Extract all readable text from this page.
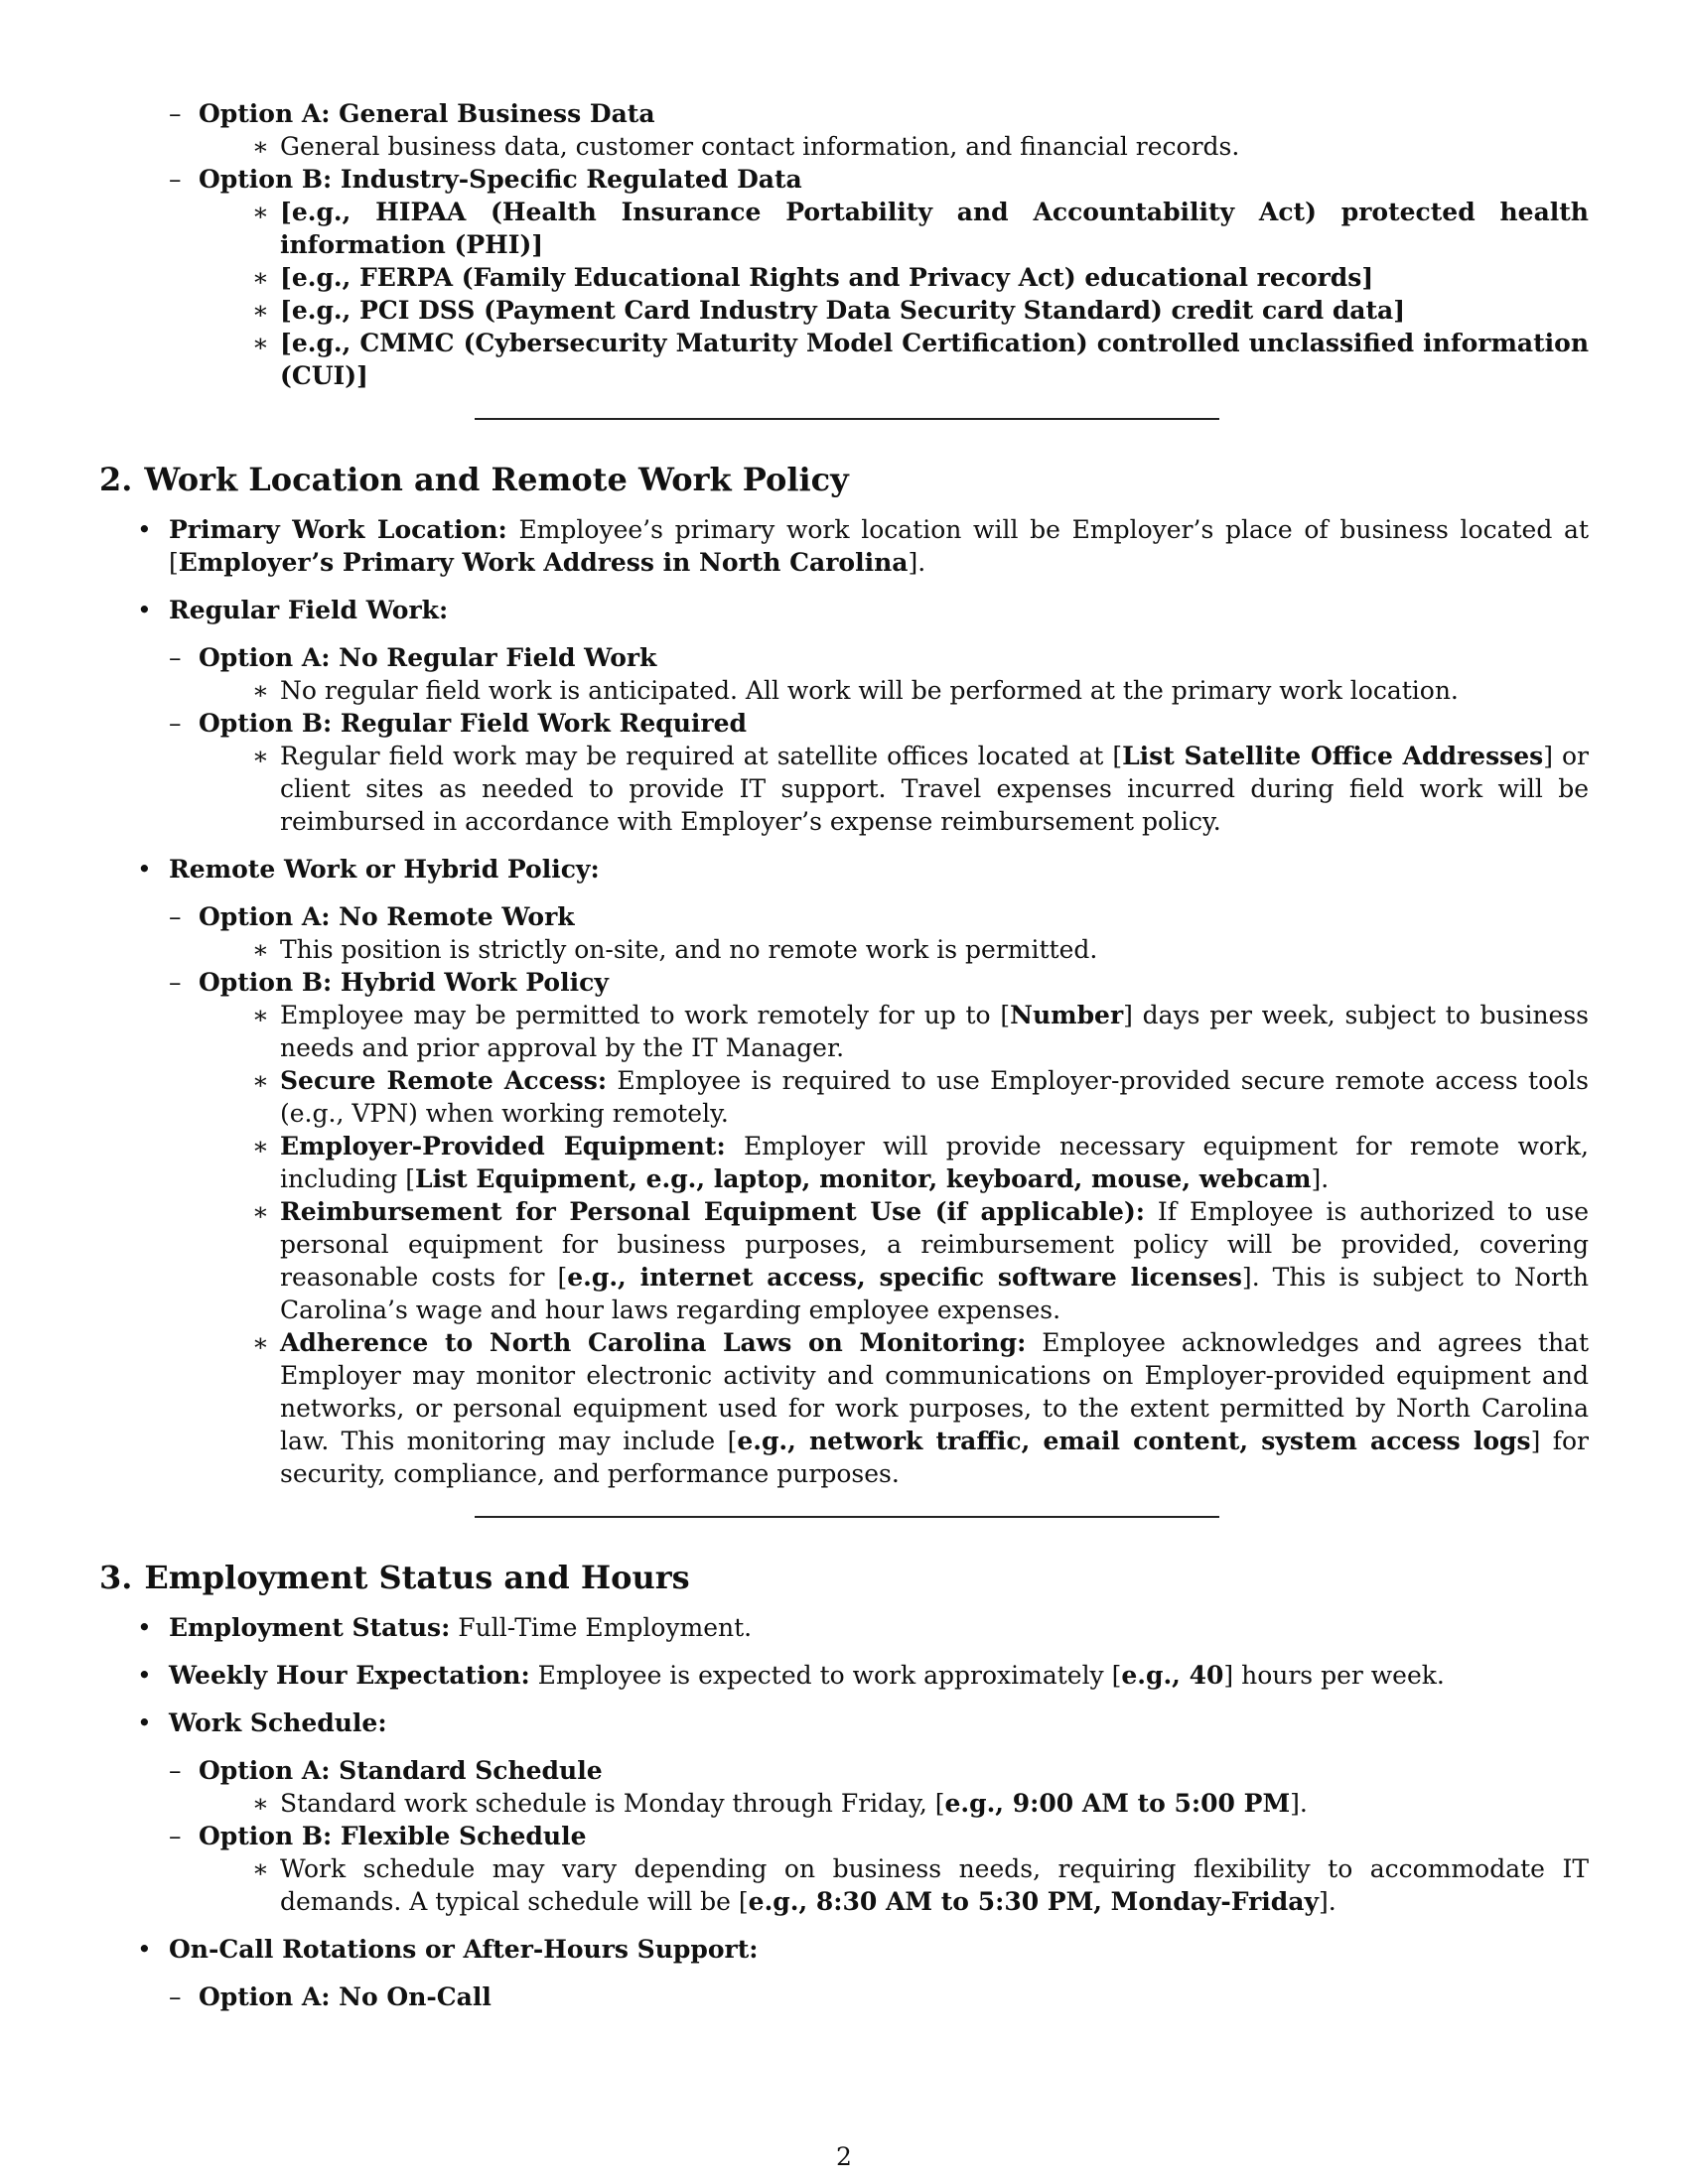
– Option A: General Business Data
∗ General business data, customer contact information, and financial records.
– Option B: Industry-Specific Regulated Data
∗ [e.g., HIPAA (Health Insurance Portability and Accountability Act) protected health information (PHI)]
∗ [e.g., FERPA (Family Educational Rights and Privacy Act) educational records]
∗ [e.g., PCI DSS (Payment Card Industry Data Security Standard) credit card data]
∗ [e.g., CMMC (Cybersecurity Maturity Model Certification) controlled unclassified information (CUI)]
2. Work Location and Remote Work Policy
• Primary Work Location: Employee’s primary work location will be Employer’s place of business located at [Employer’s Primary Work Address in North Carolina].
• Regular Field Work:
– Option A: No Regular Field Work
∗ No regular field work is anticipated. All work will be performed at the primary work location.
– Option B: Regular Field Work Required
∗ Regular field work may be required at satellite offices located at [List Satellite Office Addresses] or client sites as needed to provide IT support. Travel expenses incurred during field work will be reimbursed in accordance with Employer’s expense reimbursement policy.
• Remote Work or Hybrid Policy:
– Option A: No Remote Work
∗ This position is strictly on-site, and no remote work is permitted.
– Option B: Hybrid Work Policy
∗ Employee may be permitted to work remotely for up to [Number] days per week, subject to business needs and prior approval by the IT Manager.
∗ Secure Remote Access: Employee is required to use Employer-provided secure remote access tools (e.g., VPN) when working remotely.
∗ Employer-Provided Equipment: Employer will provide necessary equipment for remote work, including [List Equipment, e.g., laptop, monitor, keyboard, mouse, webcam].
∗ Reimbursement for Personal Equipment Use (if applicable): If Employee is authorized to use personal equipment for business purposes, a reimbursement policy will be provided, covering reasonable costs for [e.g., internet access, specific software licenses]. This is subject to North Carolina’s wage and hour laws regarding employee expenses.
∗ Adherence to North Carolina Laws on Monitoring: Employee acknowledges and agrees that Employer may monitor electronic activity and communications on Employer-provided equipment and networks, or personal equipment used for work purposes, to the extent permitted by North Carolina law. This monitoring may include [e.g., network traffic, email content, system access logs] for security, compliance, and performance purposes.
3. Employment Status and Hours
• Employment Status: Full-Time Employment.
• Weekly Hour Expectation: Employee is expected to work approximately [e.g., 40] hours per week.
• Work Schedule:
– Option A: Standard Schedule
∗ Standard work schedule is Monday through Friday, [e.g., 9:00 AM to 5:00 PM].
– Option B: Flexible Schedule
∗ Work schedule may vary depending on business needs, requiring flexibility to accommodate IT demands. A typical schedule will be [e.g., 8:30 AM to 5:30 PM, Monday-Friday].
• On-Call Rotations or After-Hours Support:
– Option A: No On-Call
2
